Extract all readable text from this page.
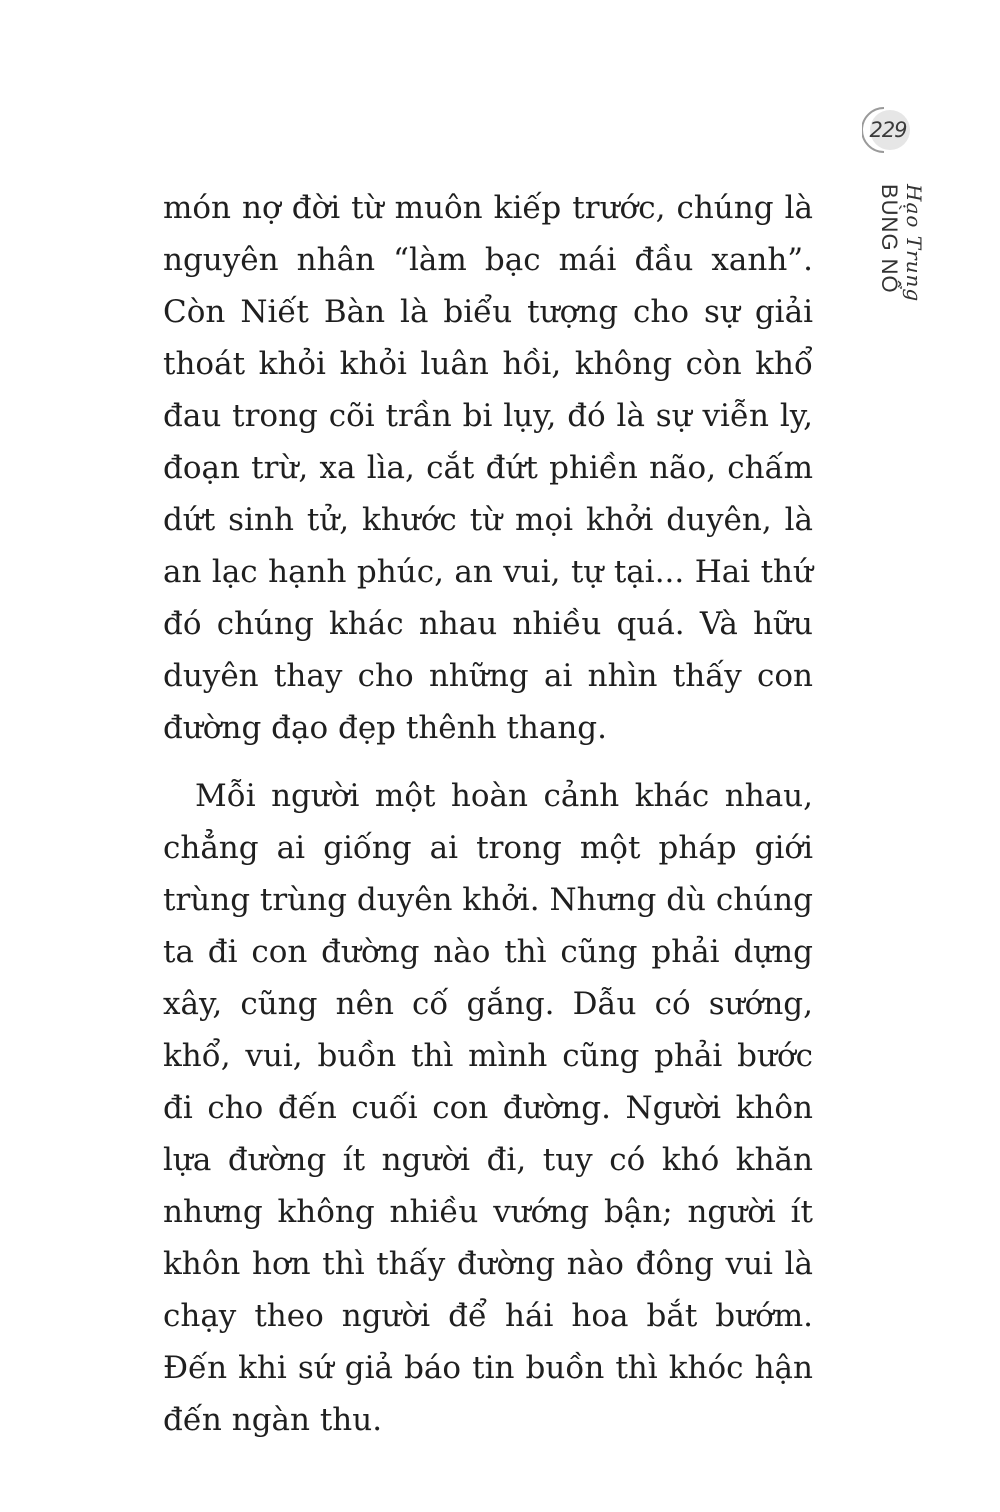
229
Hạo Trung
BÙNG NỔ

món nợ đời từ muôn kiếp trước, chúng là nguyên nhân “làm bạc mái đầu xanh”. Còn Niết Bàn là biểu tượng cho sự giải thoát khỏi khỏi luân hồi, không còn khổ đau trong cõi trần bi lụy, đó là sự viễn ly, đoạn trừ, xa lìa, cắt đứt phiền não, chấm dứt sinh tử, khước từ mọi khởi duyên, là an lạc hạnh phúc, an vui, tự tại... Hai thứ đó chúng khác nhau nhiều quá. Và hữu duyên thay cho những ai nhìn thấy con đường đạo đẹp thênh thang.

Mỗi người một hoàn cảnh khác nhau, chẳng ai giống ai trong một pháp giới trùng trùng duyên khởi. Nhưng dù chúng ta đi con đường nào thì cũng phải dựng xây, cũng nên cố gắng. Dẫu có sướng, khổ, vui, buồn thì mình cũng phải bước đi cho đến cuối con đường. Người khôn lựa đường ít người đi, tuy có khó khăn nhưng không nhiều vướng bận; người ít khôn hơn thì thấy đường nào đông vui là chạy theo người để hái hoa bắt bướm. Đến khi sứ giả báo tin buồn thì khóc hận đến ngàn thu.
